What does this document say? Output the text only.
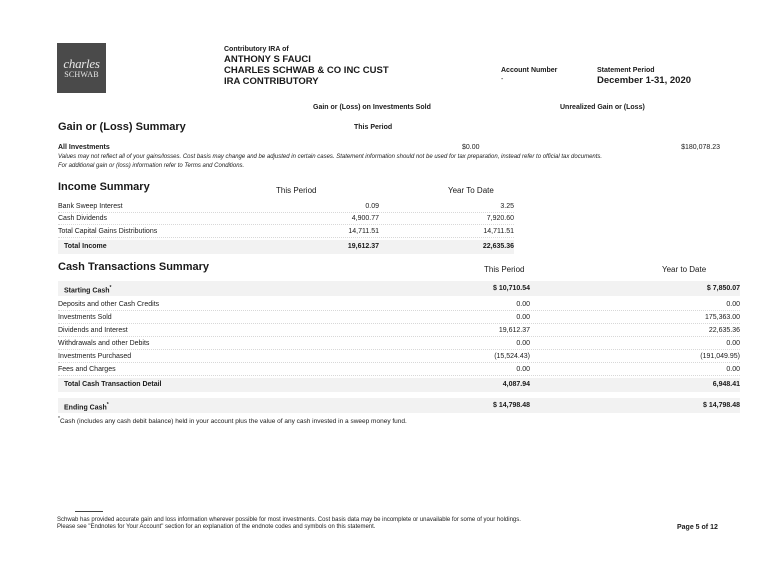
charles
SCHWAB
Contributory IRA of
ANTHONY S FAUCI
CHARLES SCHWAB & CO INC CUST
IRA CONTRIBUTORY
Account Number
-
Statement Period
December 1-31, 2020
Gain or (Loss) on Investments Sold	Unrealized Gain or (Loss)
Gain or (Loss) Summary	This Period
All Investments	$0.00	$180,078.23
Values may not reflect all of your gains/losses. Cost basis may change and be adjusted in certain cases. Statement information should not be used for tax preparation, instead refer to official tax documents.
For additional gain or (loss) information refer to Terms and Conditions.
Income Summary	This Period	Year To Date
Bank Sweep Interest	0.09	3.25
Cash Dividends	4,900.77	7,920.60
Total Capital Gains Distributions	14,711.51	14,711.51
Total Income	19,612.37	22,635.36
Cash Transactions Summary	This Period	Year to Date
Starting Cash*	$ 10,710.54	$ 7,850.07
Deposits and other Cash Credits	0.00	0.00
Investments Sold	0.00	175,363.00
Dividends and Interest	19,612.37	22,635.36
Withdrawals and other Debits	0.00	0.00
Investments Purchased	(15,524.43)	(191,049.95)
Fees and Charges	0.00	0.00
Total Cash Transaction Detail	4,087.94	6,948.41
Ending Cash*	$ 14,798.48	$ 14,798.48
*Cash (includes any cash debit balance) held in your account plus the value of any cash invested in a sweep money fund.
Schwab has provided accurate gain and loss information wherever possible for most investments. Cost basis data may be incomplete or unavailable for some of your holdings.
Please see "Endnotes for Your Account" section for an explanation of the endnote codes and symbols on this statement.	Page 5 of 12
